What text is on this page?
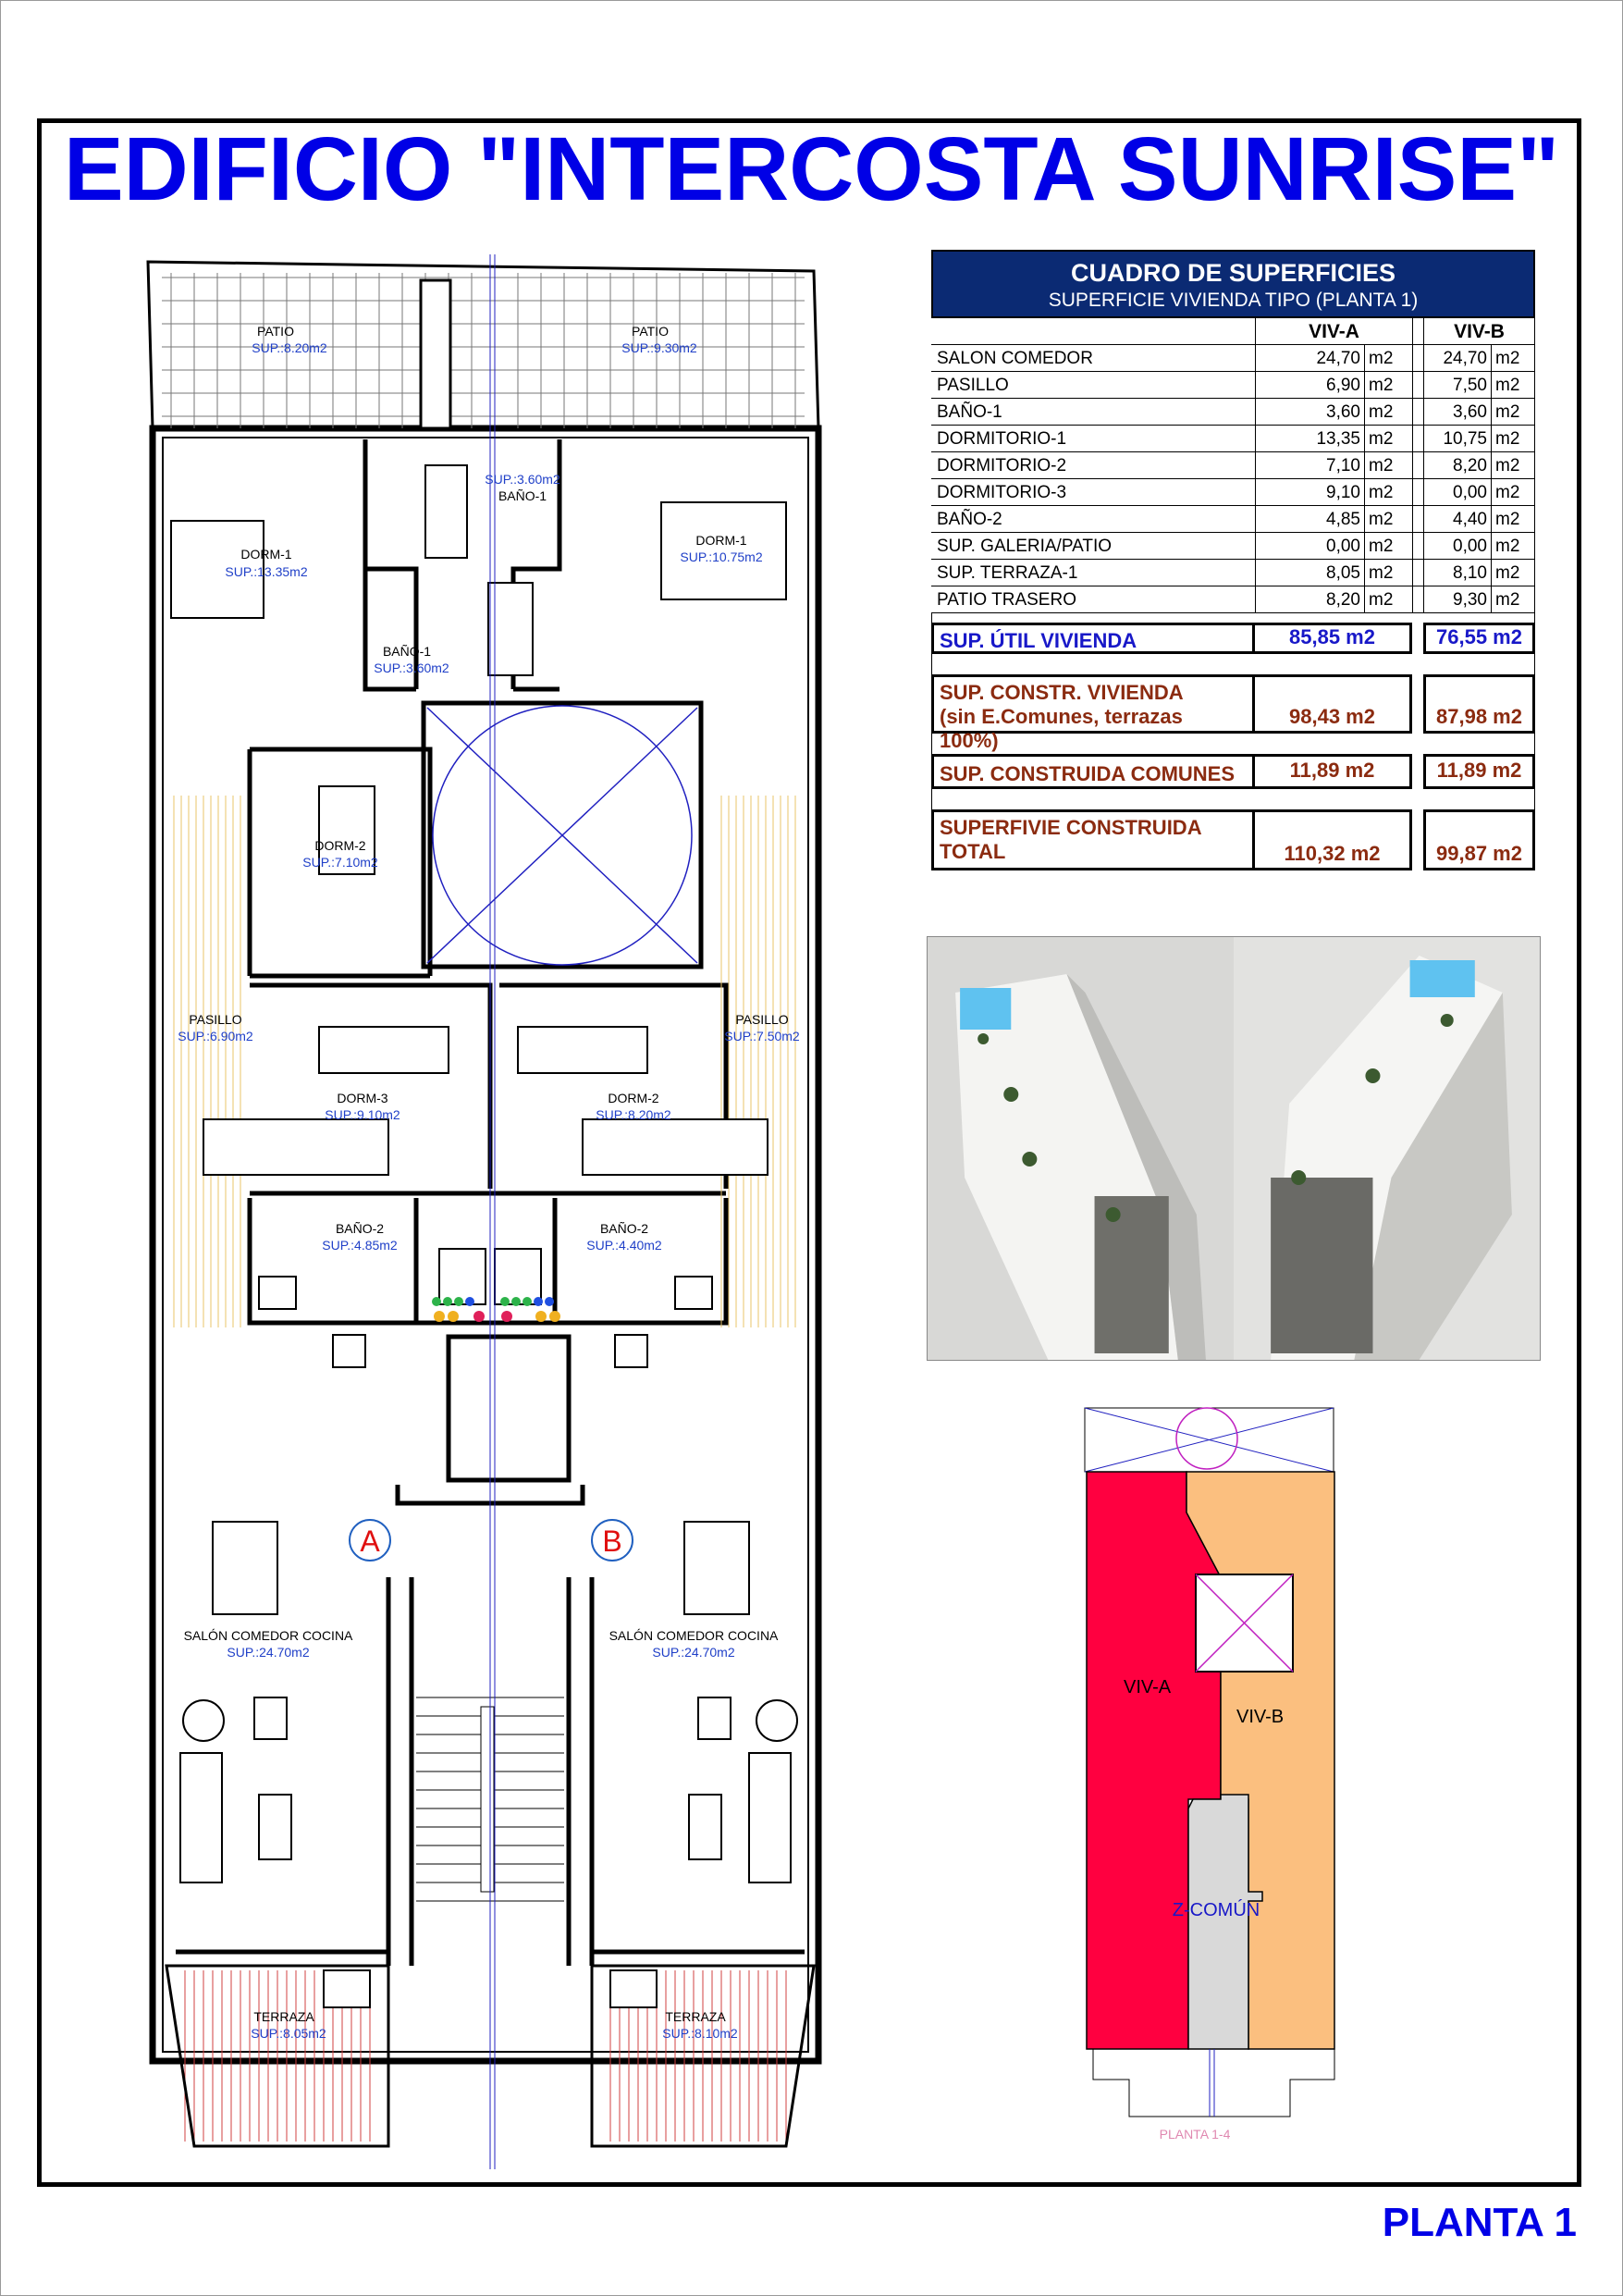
EDIFICIO "INTERCOSTA SUNRISE"
PLANTA 1
A	B
PATIO	PATIO
BAÑO-1
DORM-1
DORM-1
BAÑO-1
DORM-2
PASILLO	PASILLO
DORM-3	DORM-2
BAÑO-2	BAÑO-2
SALÓN COMEDOR COCINA	SALÓN COMEDOR COCINA
TERRAZA	TERRAZA
SUP.:8.20m2	SUP.:9.30m2
SUP.:3.60m2
SUP.:13.35m2
SUP.:10.75m2
SUP.:3.60m2
SUP.:7.10m2
SUP.:6.90m2	SUP.:7.50m2
SUP.:9.10m2	SUP.:8.20m2
SUP.:4.85m2	SUP.:4.40m2
SUP.:24.70m2	SUP.:24.70m2
SUP.:8.05m2	SUP.:8.10m2
CUADRO DE SUPERFICIES
SUPERFICIE VIVIENDA TIPO (PLANTA 1)
VIV-A	VIV-B
SALON COMEDOR	24,70 m2	24,70 m2
PASILLO	6,90 m2	7,50 m2
BAÑO-1	3,60 m2	3,60 m2
DORMITORIO-1	13,35 m2	10,75 m2
DORMITORIO-2	7,10 m2	8,20 m2
DORMITORIO-3	9,10 m2	0,00 m2
BAÑO-2	4,85 m2	4,40 m2
SUP. GALERIA/PATIO	0,00 m2	0,00 m2
SUP. TERRAZA-1	8,05 m2	8,10 m2
PATIO TRASERO	8,20 m2	9,30 m2
SUP. ÚTIL VIVIENDA	85,85 m2	76,55 m2
SUP. CONSTR. VIVIENDA
(sin E.Comunes, terrazas 100%)
98,43 m2	87,98 m2
SUP. CONSTRUIDA COMUNES	11,89 m2	11,89 m2
SUPERFIVIE CONSTRUIDA
TOTAL	110,32 m2	99,87 m2
VIV-A
VIV-B
Z-COMÚN
PLANTA 1-4
